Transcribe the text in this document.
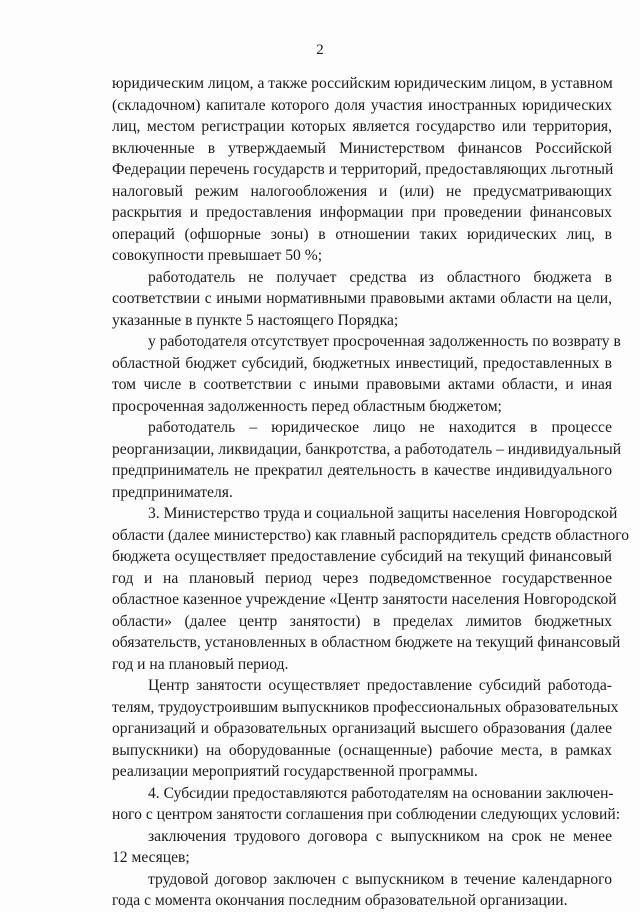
2
юридическим лицом, а также российским юридическим лицом, в уставном
(складочном) капитале которого доля участия иностранных юридических
лиц, местом регистрации которых является государство или территория,
включенные в утверждаемый Министерством финансов Российской
Федерации перечень государств и территорий, предоставляющих льготный
налоговый режим налогообложения и (или) не предусматривающих
раскрытия и предоставления информации при проведении финансовых
операций (офшорные зоны) в отношении таких юридических лиц, в
совокупности превышает 50 %;
работодатель не получает средства из областного бюджета в
соответствии с иными нормативными правовыми актами области на цели,
указанные в пункте 5 настоящего Порядка;
у работодателя отсутствует просроченная задолженность по возврату в
областной бюджет субсидий, бюджетных инвестиций, предоставленных в
том числе в соответствии с иными правовыми актами области, и иная
просроченная задолженность перед областным бюджетом;
работодатель – юридическое лицо не находится в процессе
реорганизации, ликвидации, банкротства, а работодатель – индивидуальный
предприниматель не прекратил деятельность в качестве индивидуального
предпринимателя.
3. Министерство труда и социальной защиты населения Новгородской
области (далее министерство) как главный распорядитель средств областного
бюджета осуществляет предоставление субсидий на текущий финансовый
год и на плановый период через подведомственное государственное
областное казенное учреждение «Центр занятости населения Новгородской
области» (далее центр занятости) в пределах лимитов бюджетных
обязательств, установленных в областном бюджете на текущий финансовый
год и на плановый период.
Центр занятости осуществляет предоставление субсидий работода-
телям, трудоустроившим выпускников профессиональных образовательных
организаций и образовательных организаций высшего образования (далее
выпускники) на оборудованные (оснащенные) рабочие места, в рамках
реализации мероприятий государственной программы.
4. Субсидии предоставляются работодателям на основании заключен-
ного с центром занятости соглашения при соблюдении следующих условий:
заключения трудового договора с выпускником на срок не менее
12 месяцев;
трудовой договор заключен с выпускником в течение календарного
года с момента окончания последним образовательной организации.
